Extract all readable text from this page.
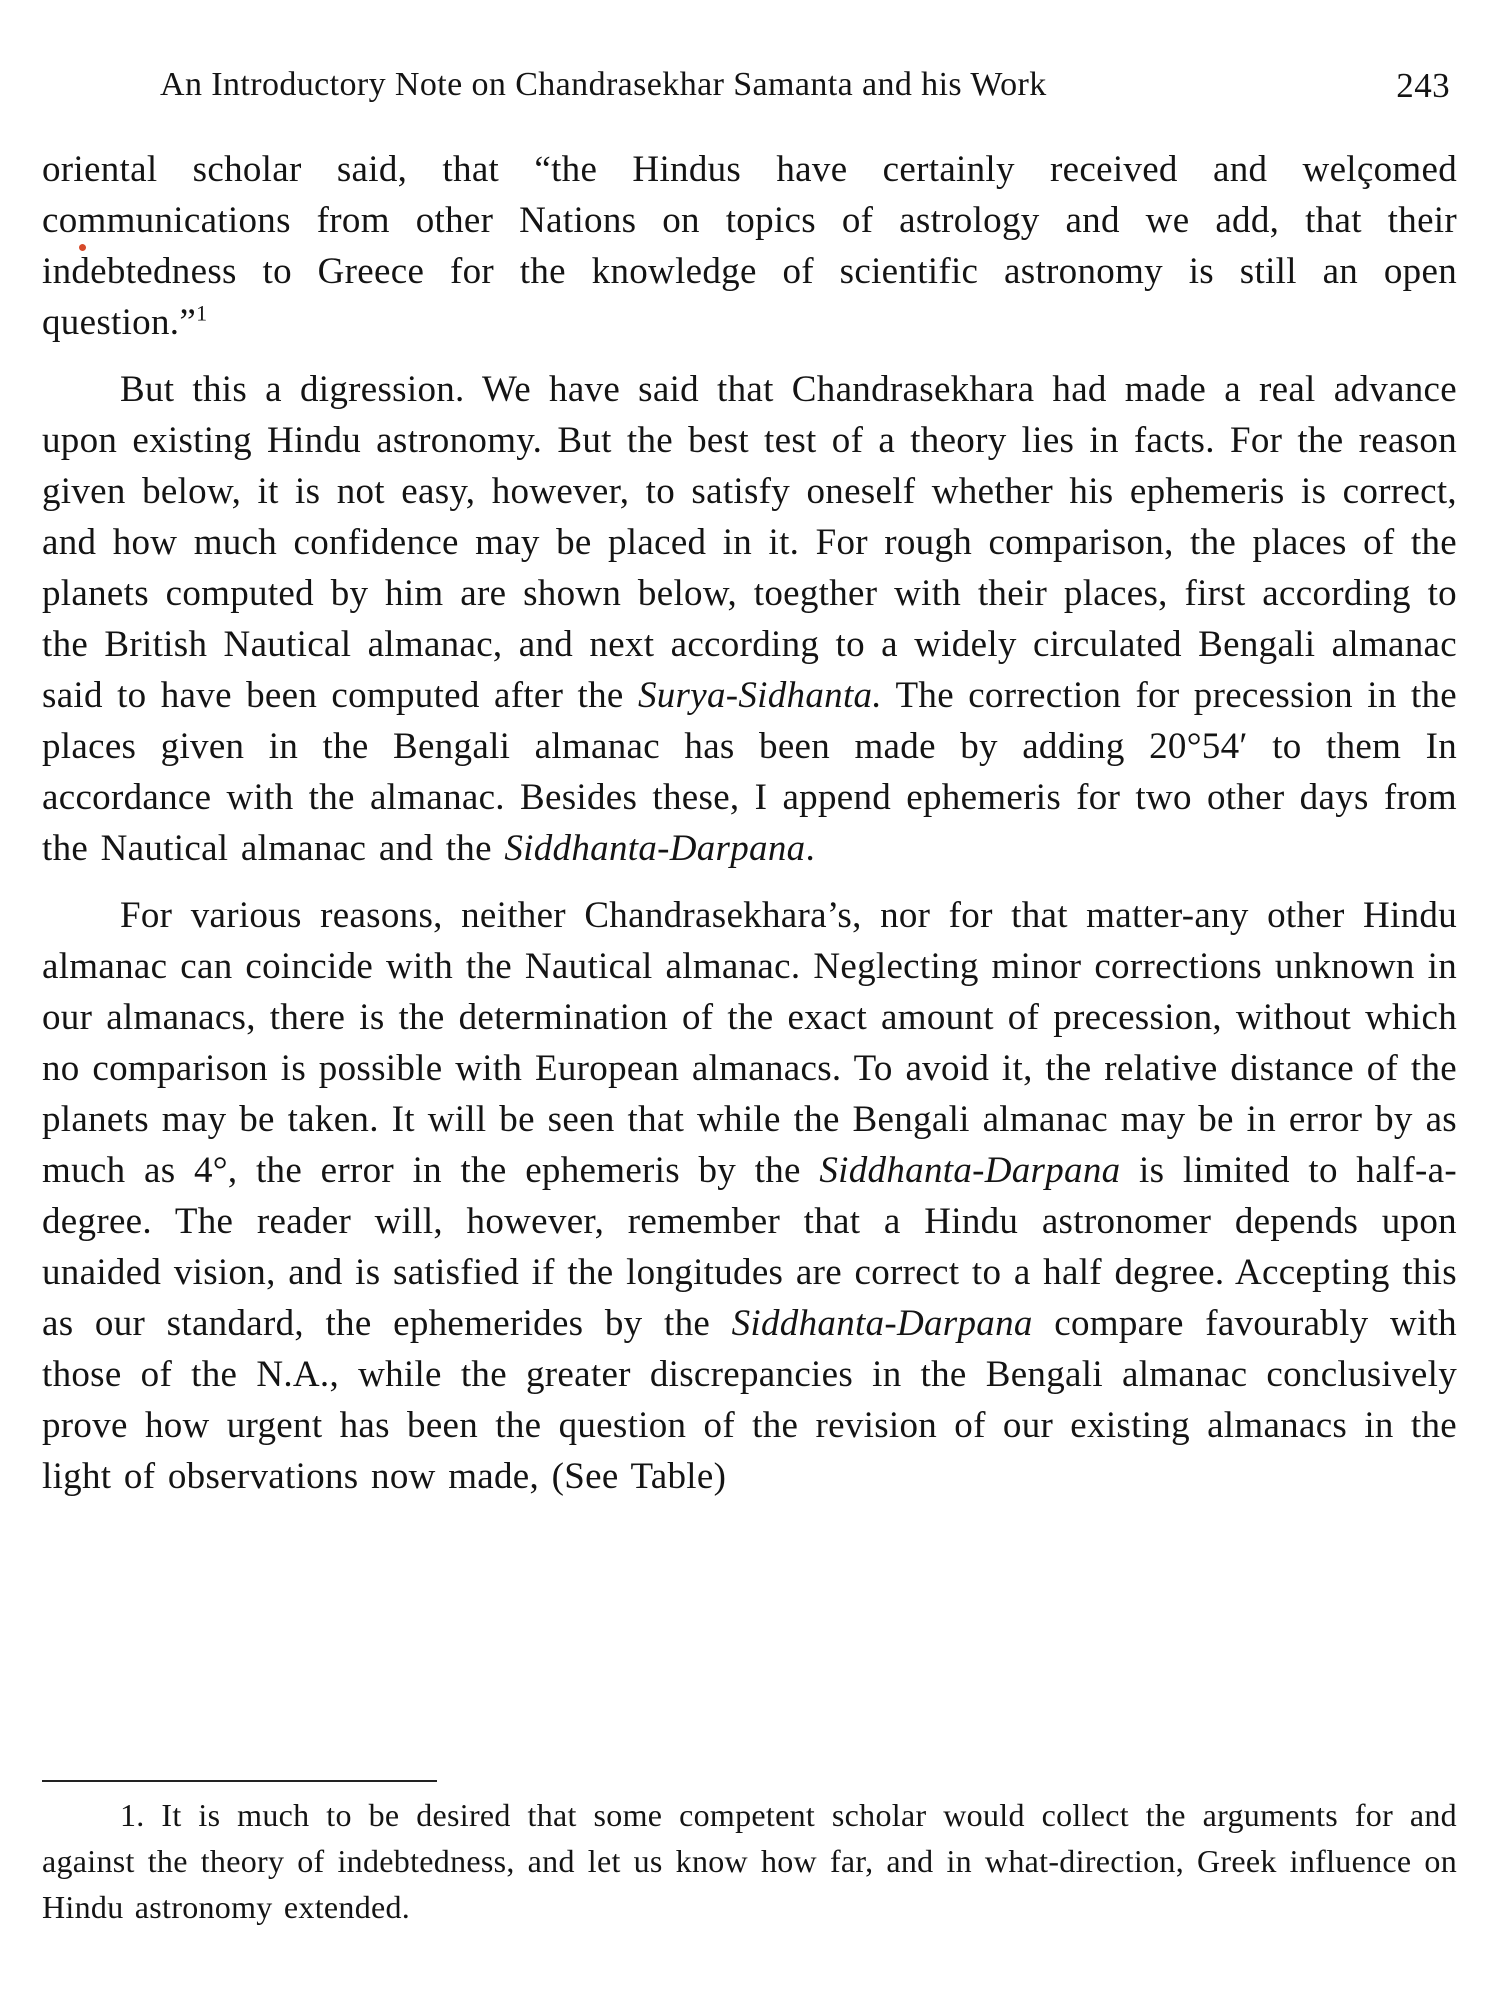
An Introductory Note on Chandrasekhar Samanta and his Work	243

oriental scholar said, that “the Hindus have certainly received and welçomed communications from other Nations on topics of astrology and we add, that their indebtedness to Greece for the knowledge of scientific astronomy is still an open question.”$^1$

But this a digression. We have said that Chandrasekhara had made a real advance upon existing Hindu astronomy. But the best test of a theory lies in facts. For the reason given below, it is not easy, however, to satisfy oneself whether his ephemeris is correct, and how much confidence may be placed in it. For rough comparison, the places of the planets computed by him are shown below, toegther with their places, first according to the British Nautical almanac, and next according to a widely circulated Bengali almanac said to have been computed after the Surya-Sidhanta. The correction for precession in the places given in the Bengali almanac has been made by adding 20°54′ to them In accordance with the almanac. Besides these, I append ephemeris for two other days from the Nautical almanac and the Siddhanta-Darpana.

For various reasons, neither Chandrasekhara’s, nor for that matter-any other Hindu almanac can coincide with the Nautical almanac. Neglecting minor corrections unknown in our almanacs, there is the determination of the exact amount of precession, without which no comparison is possible with European almanacs. To avoid it, the relative distance of the planets may be taken. It will be seen that while the Bengali almanac may be in error by as much as 4°, the error in the ephemeris by the Siddhanta-Darpana is limited to half-a-degree. The reader will, however, remember that a Hindu astronomer depends upon unaided vision, and is satisfied if the longitudes are correct to a half degree. Accepting this as our standard, the ephemerides by the Siddhanta-Darpana compare favourably with those of the N.A., while the greater discrepancies in the Bengali almanac conclusively prove how urgent has been the question of the revision of our existing almanacs in the light of observations now made, (See Table)

1. It is much to be desired that some competent scholar would collect the arguments for and against the theory of indebtedness, and let us know how far, and in what-direction, Greek influence on Hindu astronomy extended.
